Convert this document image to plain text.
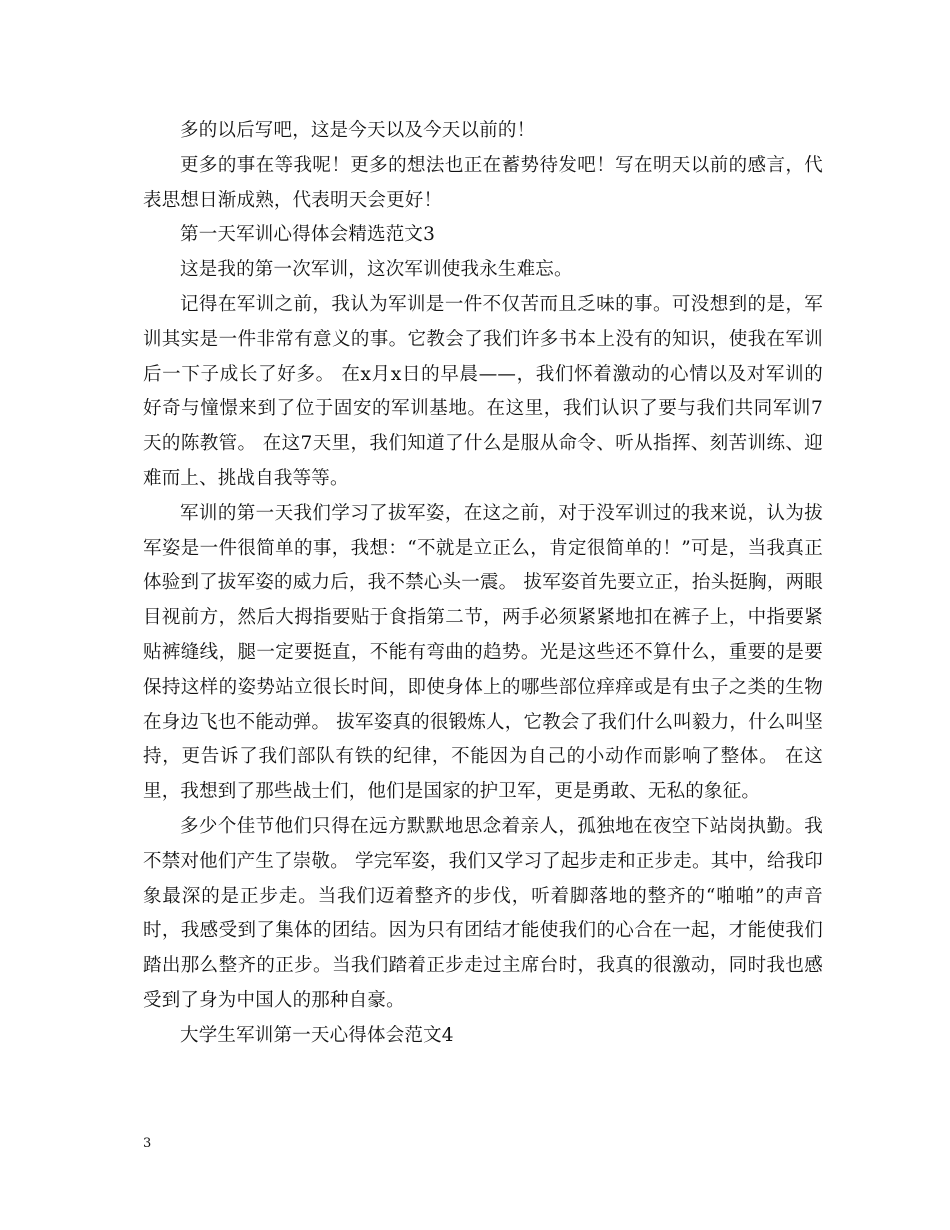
多的以后写吧，这是今天以及今天以前的！

更多的事在等我呢！更多的想法也正在蓄势待发吧！写在明天以前的感言，代表思想日渐成熟，代表明天会更好！

第一天军训心得体会精选范文3

这是我的第一次军训，这次军训使我永生难忘。

记得在军训之前，我认为军训是一件不仅苦而且乏味的事。可没想到的是，军训其实是一件非常有意义的事。它教会了我们许多书本上没有的知识，使我在军训后一下子成长了好多。 在x月x日的早晨——，我们怀着激动的心情以及对军训的好奇与憧憬来到了位于固安的军训基地。在这里，我们认识了要与我们共同军训7天的陈教管。 在这7天里，我们知道了什么是服从命令、听从指挥、刻苦训练、迎难而上、挑战自我等等。

军训的第一天我们学习了拔军姿，在这之前，对于没军训过的我来说，认为拔军姿是一件很简单的事，我想：“不就是立正么，肯定很简单的！”可是，当我真正体验到了拔军姿的威力后，我不禁心头一震。 拔军姿首先要立正，抬头挺胸，两眼目视前方，然后大拇指要贴于食指第二节，两手必须紧紧地扣在裤子上，中指要紧贴裤缝线，腿一定要挺直，不能有弯曲的趋势。光是这些还不算什么，重要的是要保持这样的姿势站立很长时间，即使身体上的哪些部位痒痒或是有虫子之类的生物在身边飞也不能动弹。 拔军姿真的很锻炼人，它教会了我们什么叫毅力，什么叫坚持，更告诉了我们部队有铁的纪律，不能因为自己的小动作而影响了整体。 在这里，我想到了那些战士们，他们是国家的护卫军，更是勇敢、无私的象征。

多少个佳节他们只得在远方默默地思念着亲人，孤独地在夜空下站岗执勤。我不禁对他们产生了崇敬。 学完军姿，我们又学习了起步走和正步走。其中，给我印象最深的是正步走。当我们迈着整齐的步伐，听着脚落地的整齐的“啪啪”的声音时，我感受到了集体的团结。因为只有团结才能使我们的心合在一起，才能使我们踏出那么整齐的正步。当我们踏着正步走过主席台时，我真的很激动，同时我也感受到了身为中国人的那种自豪。

大学生军训第一天心得体会范文4

3
